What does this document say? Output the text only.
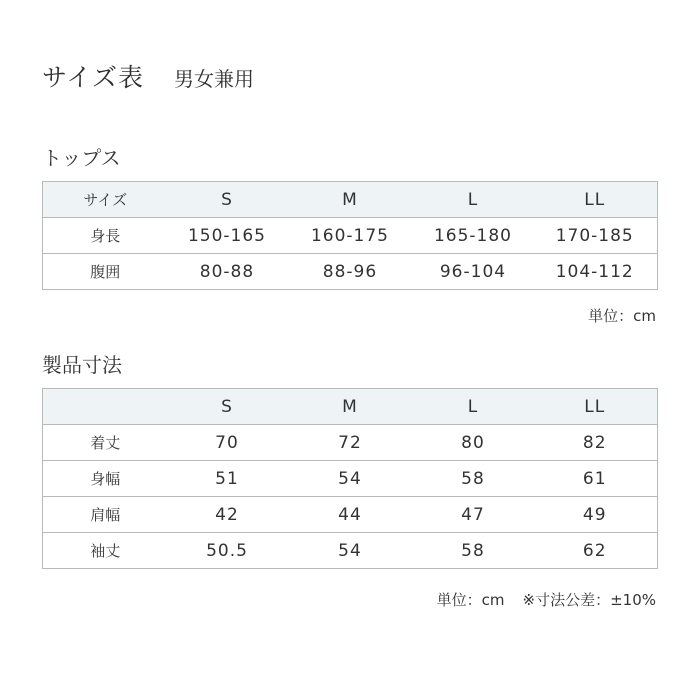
サイズ表 男女兼用
トップス
サイズ	S	M	L	LL
身長	150-165	160-175	165-180	170-185
腹囲	80-88	88-96	96-104	104-112
単位：cm
製品寸法
	S	M	L	LL
着丈	70	72	80	82
身幅	51	54	58	61
肩幅	42	44	47	49
袖丈	50.5	54	58	62
単位：cm ※寸法公差：±10%
